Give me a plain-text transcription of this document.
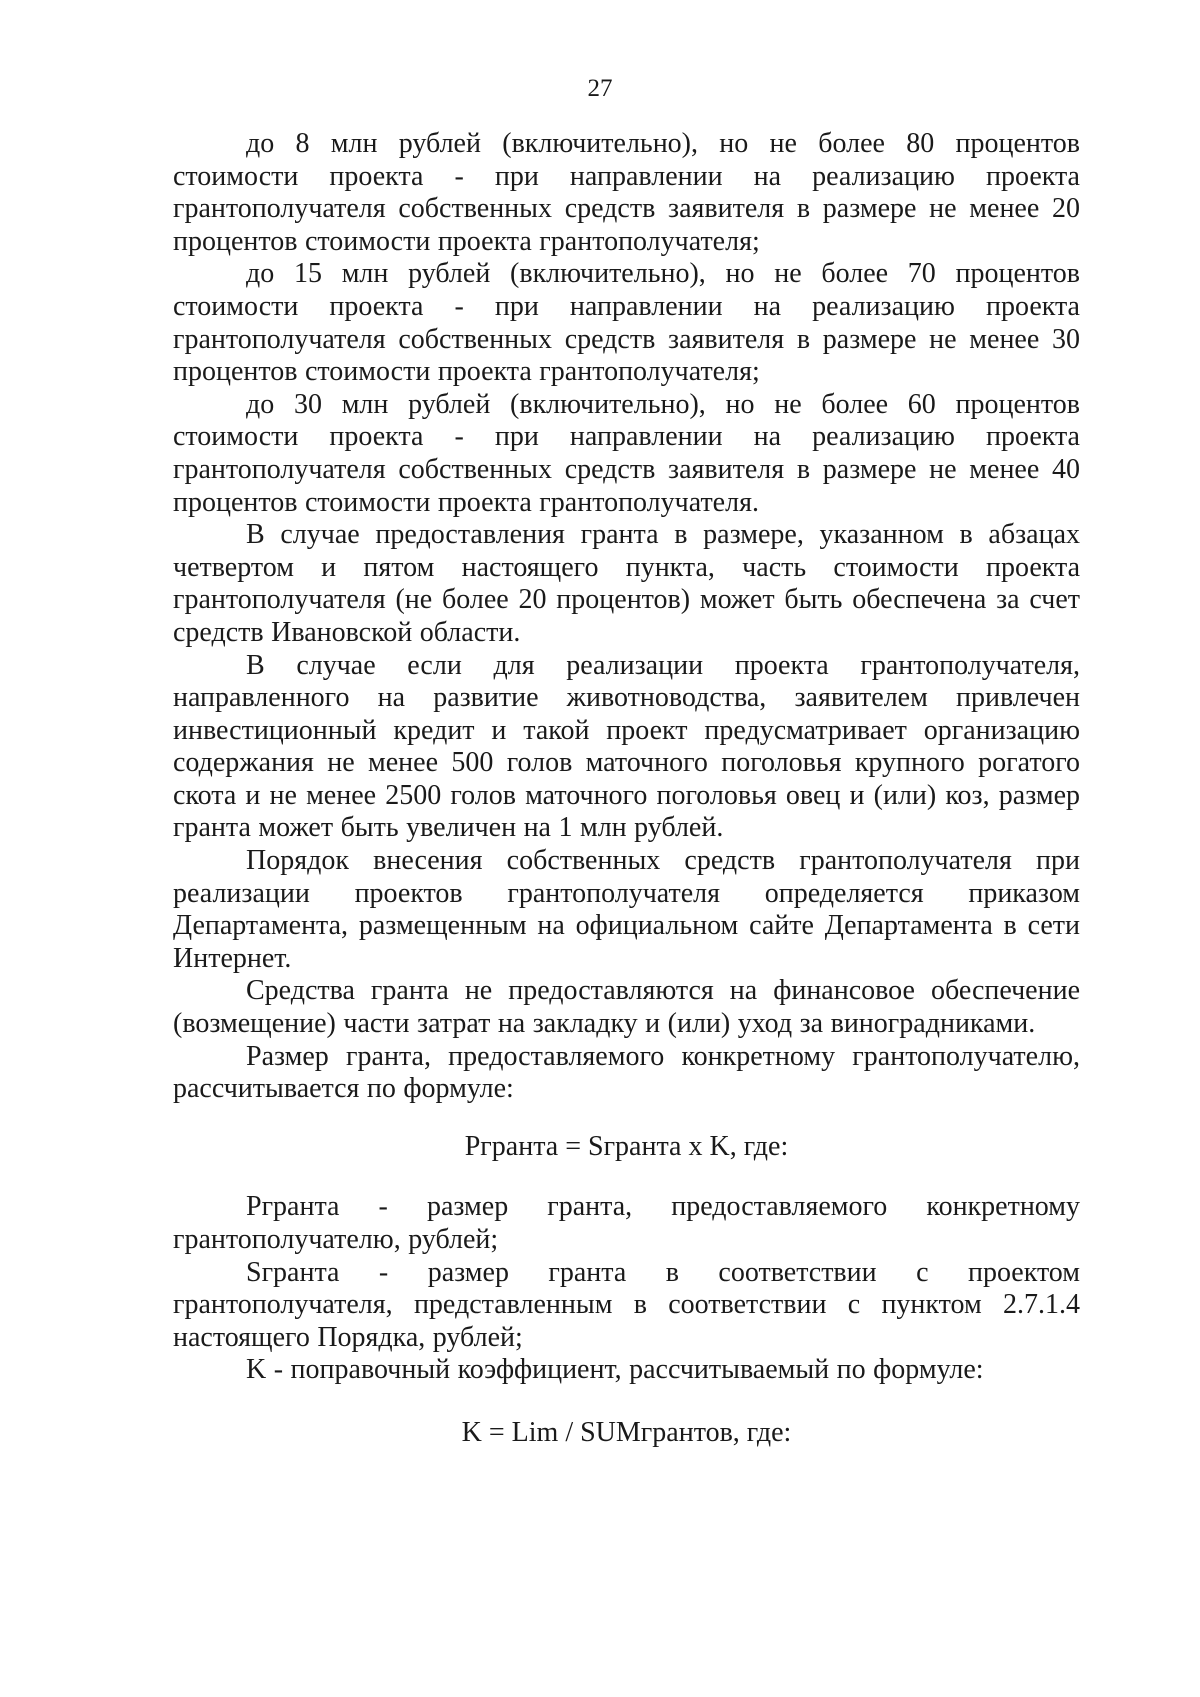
27

до 8 млн рублей (включительно), но не более 80 процентов стоимости проекта - при направлении на реализацию проекта грантополучателя собственных средств заявителя в размере не менее 20 процентов стоимости проекта грантополучателя;

до 15 млн рублей (включительно), но не более 70 процентов стоимости проекта - при направлении на реализацию проекта грантополучателя собственных средств заявителя в размере не менее 30 процентов стоимости проекта грантополучателя;

до 30 млн рублей (включительно), но не более 60 процентов стоимости проекта - при направлении на реализацию проекта грантополучателя собственных средств заявителя в размере не менее 40 процентов стоимости проекта грантополучателя.

В случае предоставления гранта в размере, указанном в абзацах четвертом и пятом настоящего пункта, часть стоимости проекта грантополучателя (не более 20 процентов) может быть обеспечена за счет средств Ивановской области.

В случае если для реализации проекта грантополучателя, направленного на развитие животноводства, заявителем привлечен инвестиционный кредит и такой проект предусматривает организацию содержания не менее 500 голов маточного поголовья крупного рогатого скота и не менее 2500 голов маточного поголовья овец и (или) коз, размер гранта может быть увеличен на 1 млн рублей.

Порядок внесения собственных средств грантополучателя при реализации проектов грантополучателя определяется приказом Департамента, размещенным на официальном сайте Департамента в сети Интернет.

Средства гранта не предоставляются на финансовое обеспечение (возмещение) части затрат на закладку и (или) уход за виноградниками.

Размер гранта, предоставляемого конкретному грантополучателю, рассчитывается по формуле:

Pгранта = Sгранта x K, где:

Pгранта - размер гранта, предоставляемого конкретному грантополучателю, рублей;

Sгранта - размер гранта в соответствии с проектом грантополучателя, представленным в соответствии с пунктом 2.7.1.4 настоящего Порядка, рублей;

K - поправочный коэффициент, рассчитываемый по формуле:

K = Lim / SUMгрантов, где:
